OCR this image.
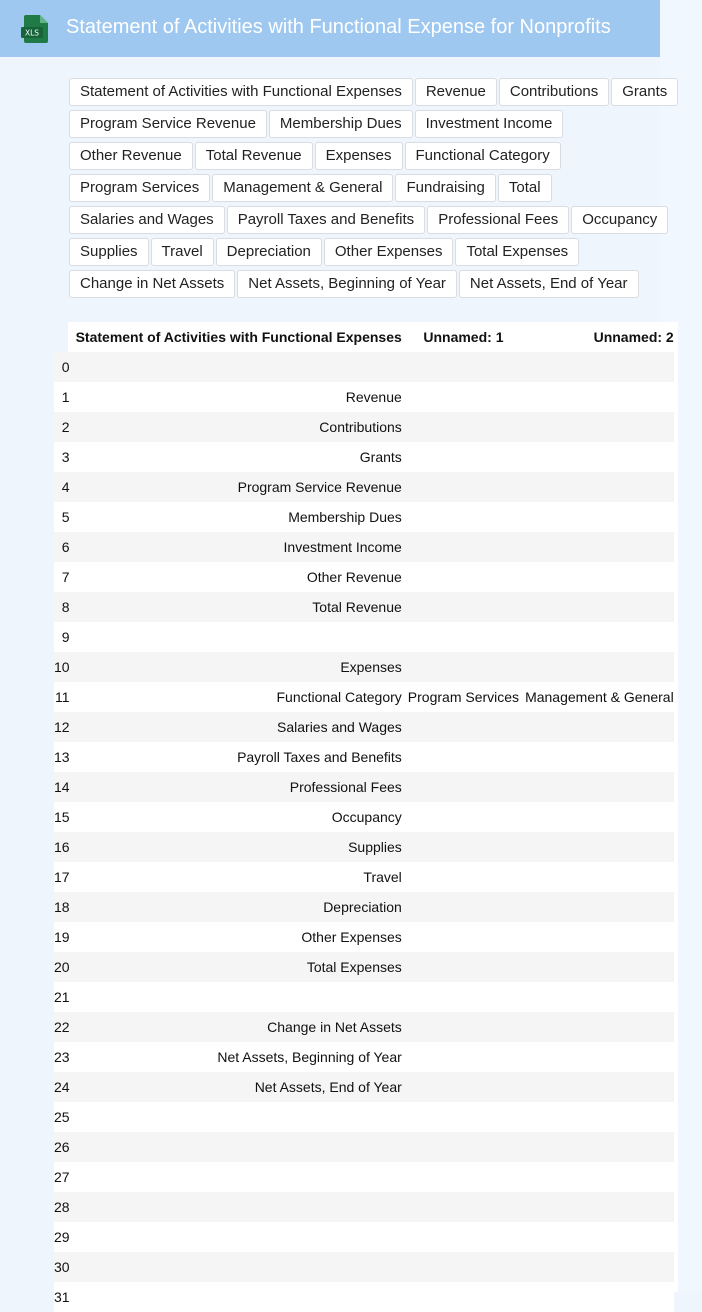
XLS Statement of Activities with Functional Expense for Nonprofits
Statement of Activities with Functional Expenses	Revenue	Contributions	Grants
Program Service Revenue	Membership Dues	Investment Income
Other Revenue	Total Revenue	Expenses	Functional Category
Program Services	Management & General	Fundraising	Total
Salaries and Wages	Payroll Taxes and Benefits	Professional Fees	Occupancy
Supplies	Travel	Depreciation	Other Expenses	Total Expenses
Change in Net Assets	Net Assets, Beginning of Year	Net Assets, End of Year
	Statement of Activities with Functional Expenses	Unnamed: 1	Unnamed: 2
0			
1	Revenue		
2	Contributions		
3	Grants		
4	Program Service Revenue		
5	Membership Dues		
6	Investment Income		
7	Other Revenue		
8	Total Revenue		
9			
10	Expenses		
11	Functional Category	Program Services	Management & General
12	Salaries and Wages		
13	Payroll Taxes and Benefits		
14	Professional Fees		
15	Occupancy		
16	Supplies		
17	Travel		
18	Depreciation		
19	Other Expenses		
20	Total Expenses		
21			
22	Change in Net Assets		
23	Net Assets, Beginning of Year		
24	Net Assets, End of Year		
25			
26			
27			
28			
29			
30			
31			
